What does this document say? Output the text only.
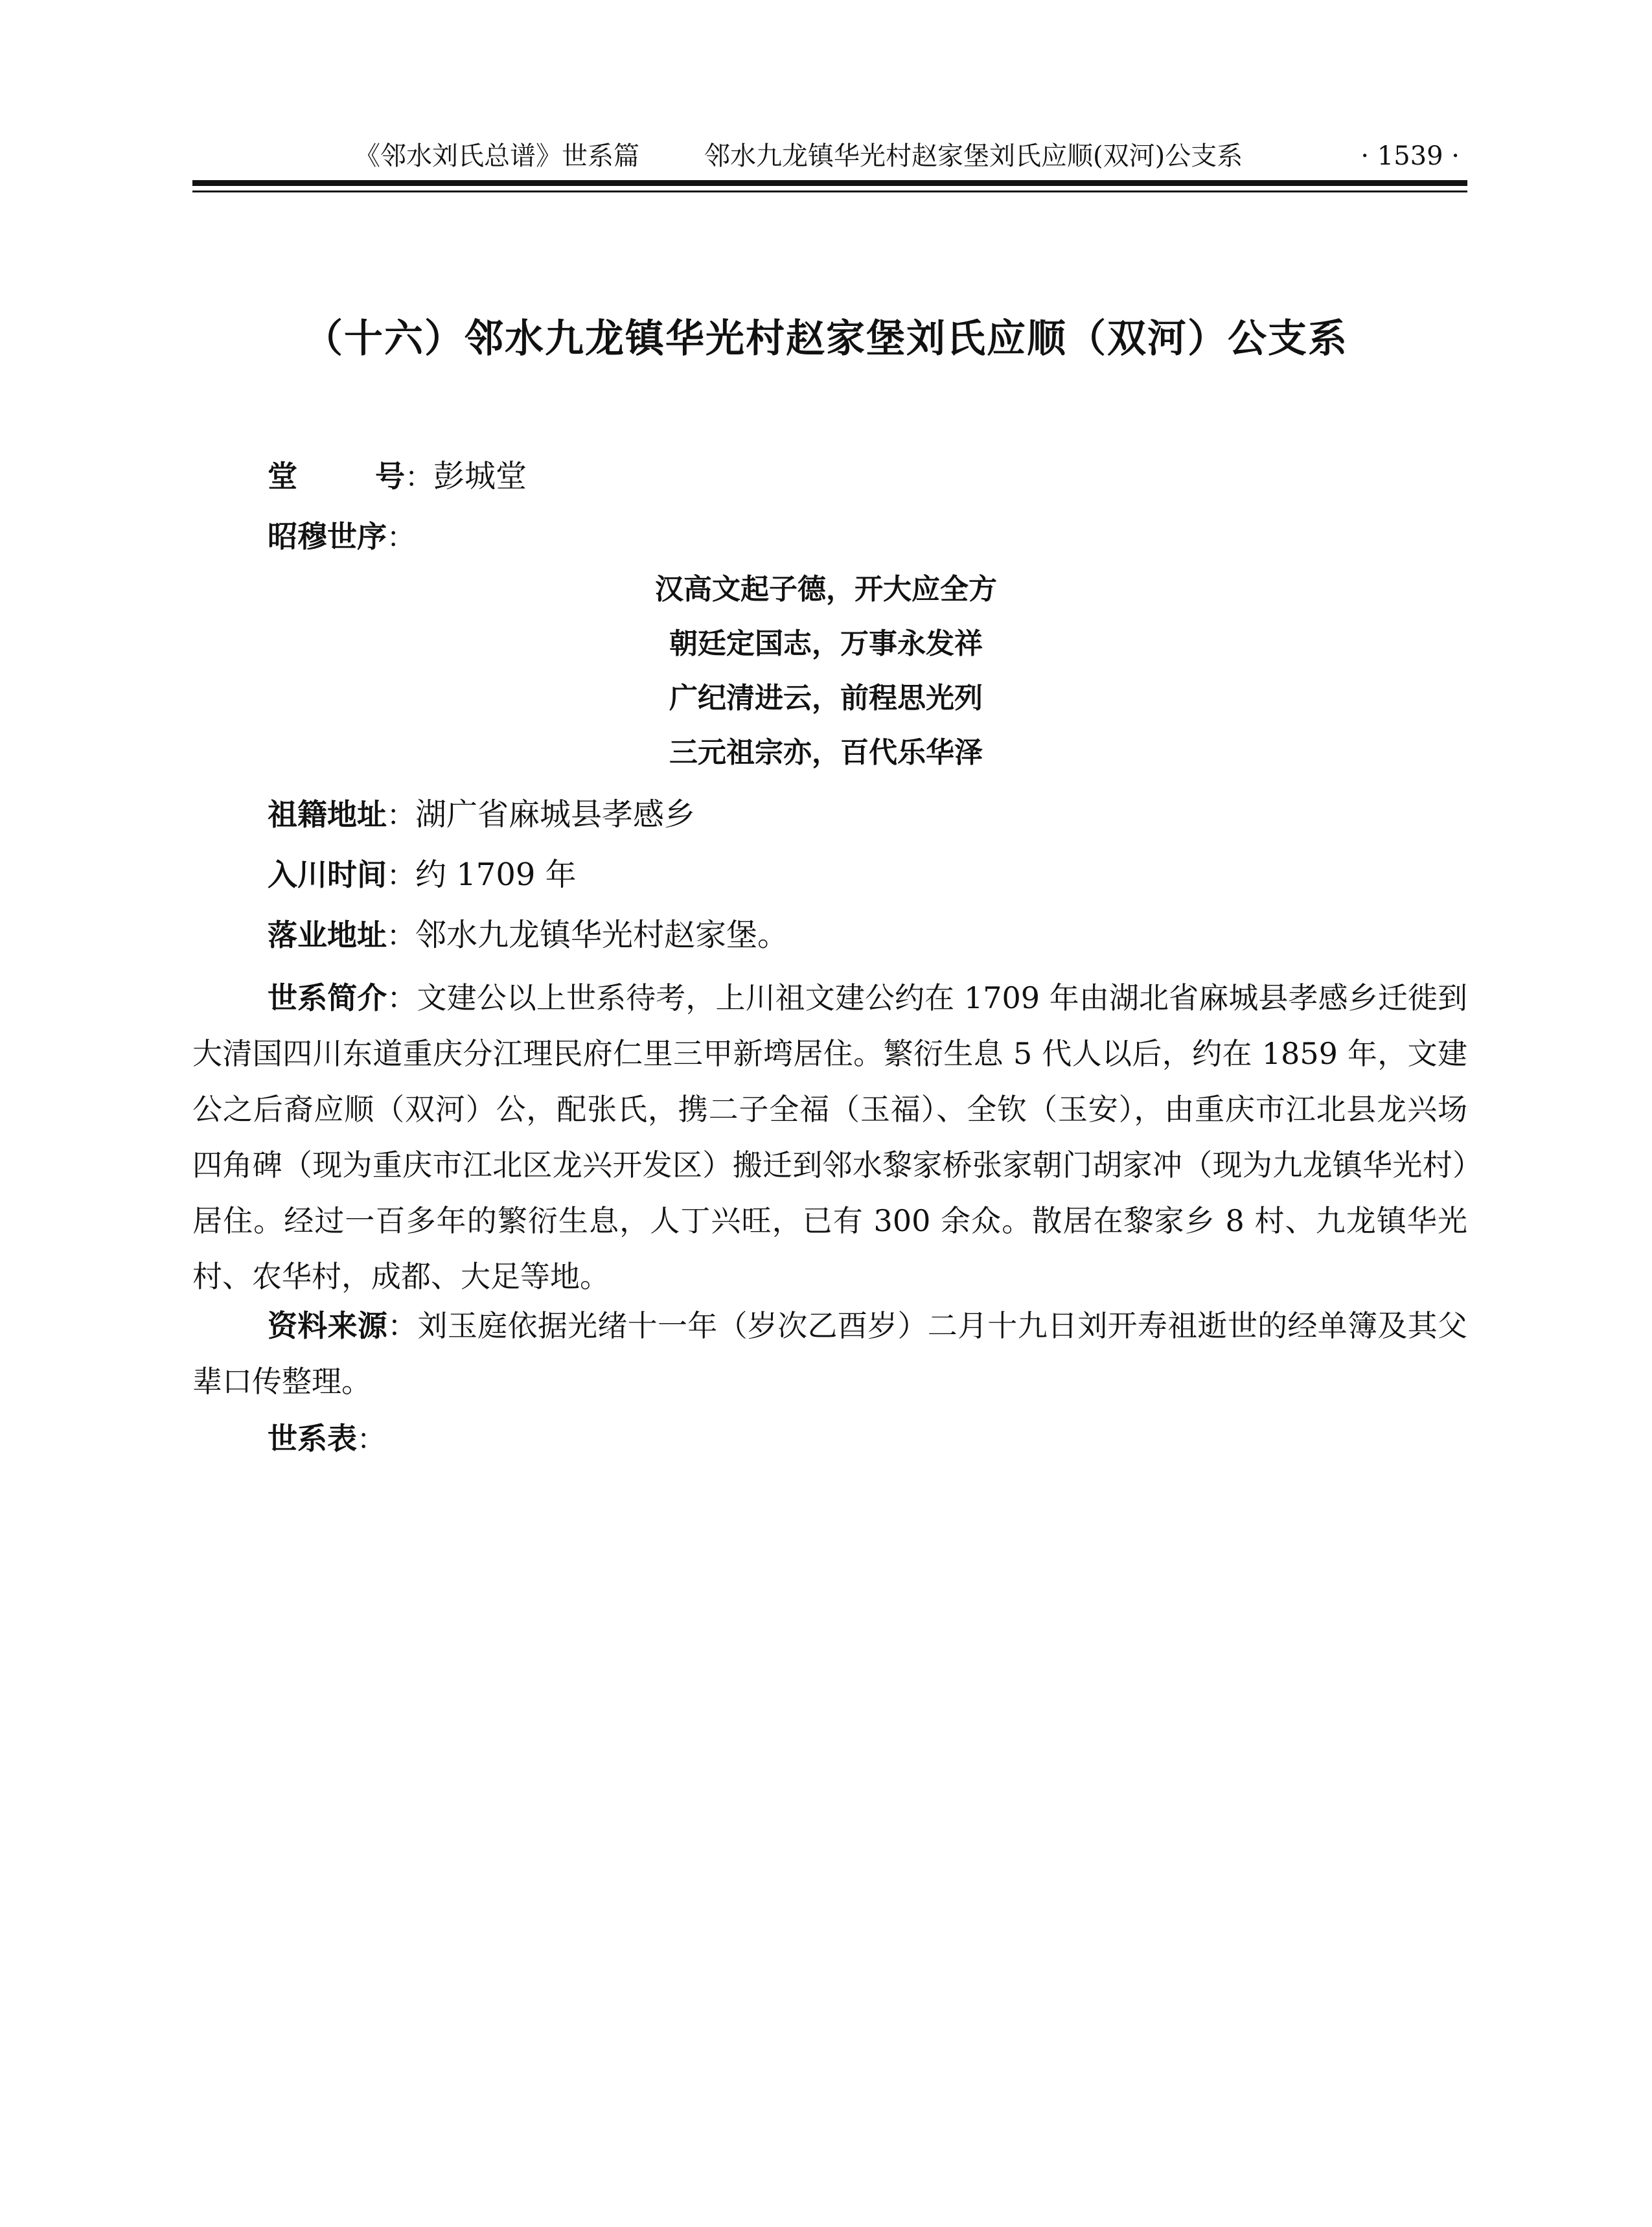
《邻水刘氏总谱》世系篇	邻水九龙镇华光村赵家堡刘氏应顺(双河)公支系	· 1539 ·
（十六）邻水九龙镇华光村赵家堡刘氏应顺（双河）公支系
堂	号：彭城堂
昭穆世序：
汉高文起子德，开大应全方
朝廷定国志，万事永发祥
广纪清进云，前程思光列
三元祖宗亦，百代乐华泽
祖籍地址：湖广省麻城县孝感乡
入川时间：约 1709 年
落业地址：邻水九龙镇华光村赵家堡。
世系简介：文建公以上世系待考，上川祖文建公约在 1709 年由湖北省麻城县孝感乡迁徙到大清国四川东道重庆分江理民府仁里三甲新塆居住。繁衍生息 5 代人以后，约在 1859 年，文建公之后裔应顺（双河）公，配张氏，携二子全福（玉福）、全钦（玉安），由重庆市江北县龙兴场四角碑（现为重庆市江北区龙兴开发区）搬迁到邻水黎家桥张家朝门胡家冲（现为九龙镇华光村）居住。经过一百多年的繁衍生息，人丁兴旺，已有 300 余众。散居在黎家乡 8 村、九龙镇华光村、农华村，成都、大足等地。
资料来源：刘玉庭依据光绪十一年（岁次乙酉岁）二月十九日刘开寿祖逝世的经单簿及其父辈口传整理。
世系表：
